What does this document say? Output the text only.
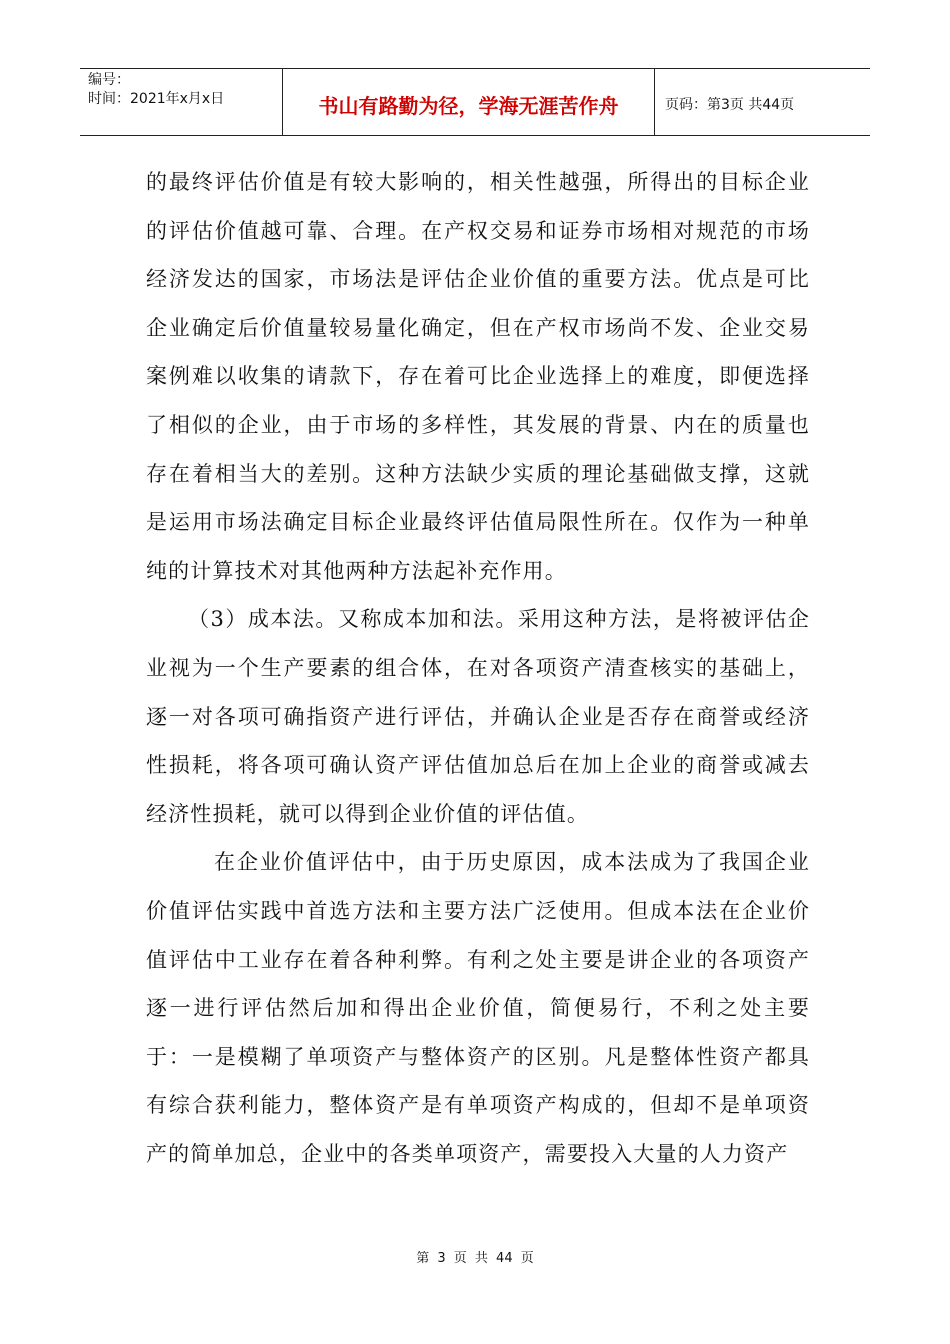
编号：
时间：2021年x月x日	书山有路勤为径，学海无涯苦作舟	页码：第3页 共44页

的最终评估价值是有较大影响的，相关性越强，所得出的目标企业的评估价值越可靠、合理。在产权交易和证券市场相对规范的市场经济发达的国家，市场法是评估企业价值的重要方法。优点是可比企业确定后价值量较易量化确定，但在产权市场尚不发、企业交易案例难以收集的请款下，存在着可比企业选择上的难度，即便选择了相似的企业，由于市场的多样性，其发展的背景、内在的质量也存在着相当大的差别。这种方法缺少实质的理论基础做支撑，这就是运用市场法确定目标企业最终评估值局限性所在。仅作为一种单纯的计算技术对其他两种方法起补充作用。

（3）成本法。又称成本加和法。采用这种方法，是将被评估企业视为一个生产要素的组合体，在对各项资产清查核实的基础上，逐一对各项可确指资产进行评估，并确认企业是否存在商誉或经济性损耗，将各项可确认资产评估值加总后在加上企业的商誉或减去经济性损耗，就可以得到企业价值的评估值。

在企业价值评估中，由于历史原因，成本法成为了我国企业价值评估实践中首选方法和主要方法广泛使用。但成本法在企业价值评估中工业存在着各种利弊。有利之处主要是讲企业的各项资产逐一进行评估然后加和得出企业价值，简便易行，不利之处主要于：一是模糊了单项资产与整体资产的区别。凡是整体性资产都具有综合获利能力，整体资产是有单项资产构成的，但却不是单项资产的简单加总，企业中的各类单项资产，需要投入大量的人力资产

第 3 页 共 44 页
